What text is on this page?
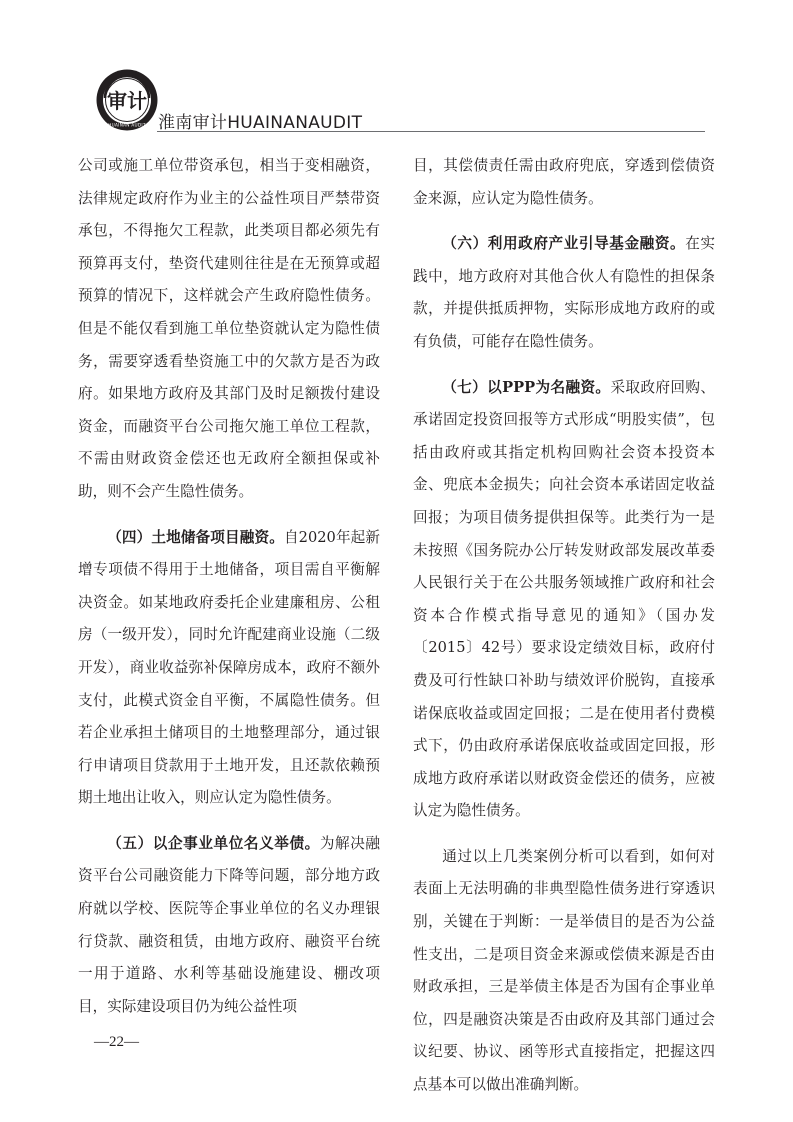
审计
HUAINAN AUDIT 淮南审计HUAINANAUDIT

公司或施工单位带资承包，相当于变相融资，法律规定政府作为业主的公益性项目严禁带资承包，不得拖欠工程款，此类项目都必须先有预算再支付，垫资代建则往往是在无预算或超预算的情况下，这样就会产生政府隐性债务。但是不能仅看到施工单位垫资就认定为隐性债务，需要穿透看垫资施工中的欠款方是否为政府。如果地方政府及其部门及时足额拨付建设资金，而融资平台公司拖欠施工单位工程款，不需由财政资金偿还也无政府全额担保或补助，则不会产生隐性债务。

（四）土地储备项目融资。自2020年起新增专项债不得用于土地储备，项目需自平衡解决资金。如某地政府委托企业建廉租房、公租房（一级开发），同时允许配建商业设施（二级开发），商业收益弥补保障房成本，政府不额外支付，此模式资金自平衡，不属隐性债务。但若企业承担土储项目的土地整理部分，通过银行申请项目贷款用于土地开发，且还款依赖预期土地出让收入，则应认定为隐性债务。

（五）以企事业单位名义举债。为解决融资平台公司融资能力下降等问题，部分地方政府就以学校、医院等企事业单位的名义办理银行贷款、融资租赁，由地方政府、融资平台统一用于道路、水利等基础设施建设、棚改项目，实际建设项目仍为纯公益性项

目，其偿债责任需由政府兜底，穿透到偿债资金来源，应认定为隐性债务。

（六）利用政府产业引导基金融资。在实践中，地方政府对其他合伙人有隐性的担保条款，并提供抵质押物，实际形成地方政府的或有负债，可能存在隐性债务。

（七）以PPP为名融资。采取政府回购、承诺固定投资回报等方式形成“明股实债”，包括由政府或其指定机构回购社会资本投资本金、兜底本金损失；向社会资本承诺固定收益回报；为项目债务提供担保等。此类行为一是未按照《国务院办公厅转发财政部发展改革委人民银行关于在公共服务领域推广政府和社会资本合作模式指导意见的通知》（国办发〔2015〕42号）要求设定绩效目标，政府付费及可行性缺口补助与绩效评价脱钩，直接承诺保底收益或固定回报；二是在使用者付费模式下，仍由政府承诺保底收益或固定回报，形成地方政府承诺以财政资金偿还的债务，应被认定为隐性债务。

通过以上几类案例分析可以看到，如何对表面上无法明确的非典型隐性债务进行穿透识别，关键在于判断：一是举债目的是否为公益性支出，二是项目资金来源或偿债来源是否由财政承担，三是举债主体是否为国有企事业单位，四是融资决策是否由政府及其部门通过会议纪要、协议、函等形式直接指定，把握这四点基本可以做出准确判断。

—22—
